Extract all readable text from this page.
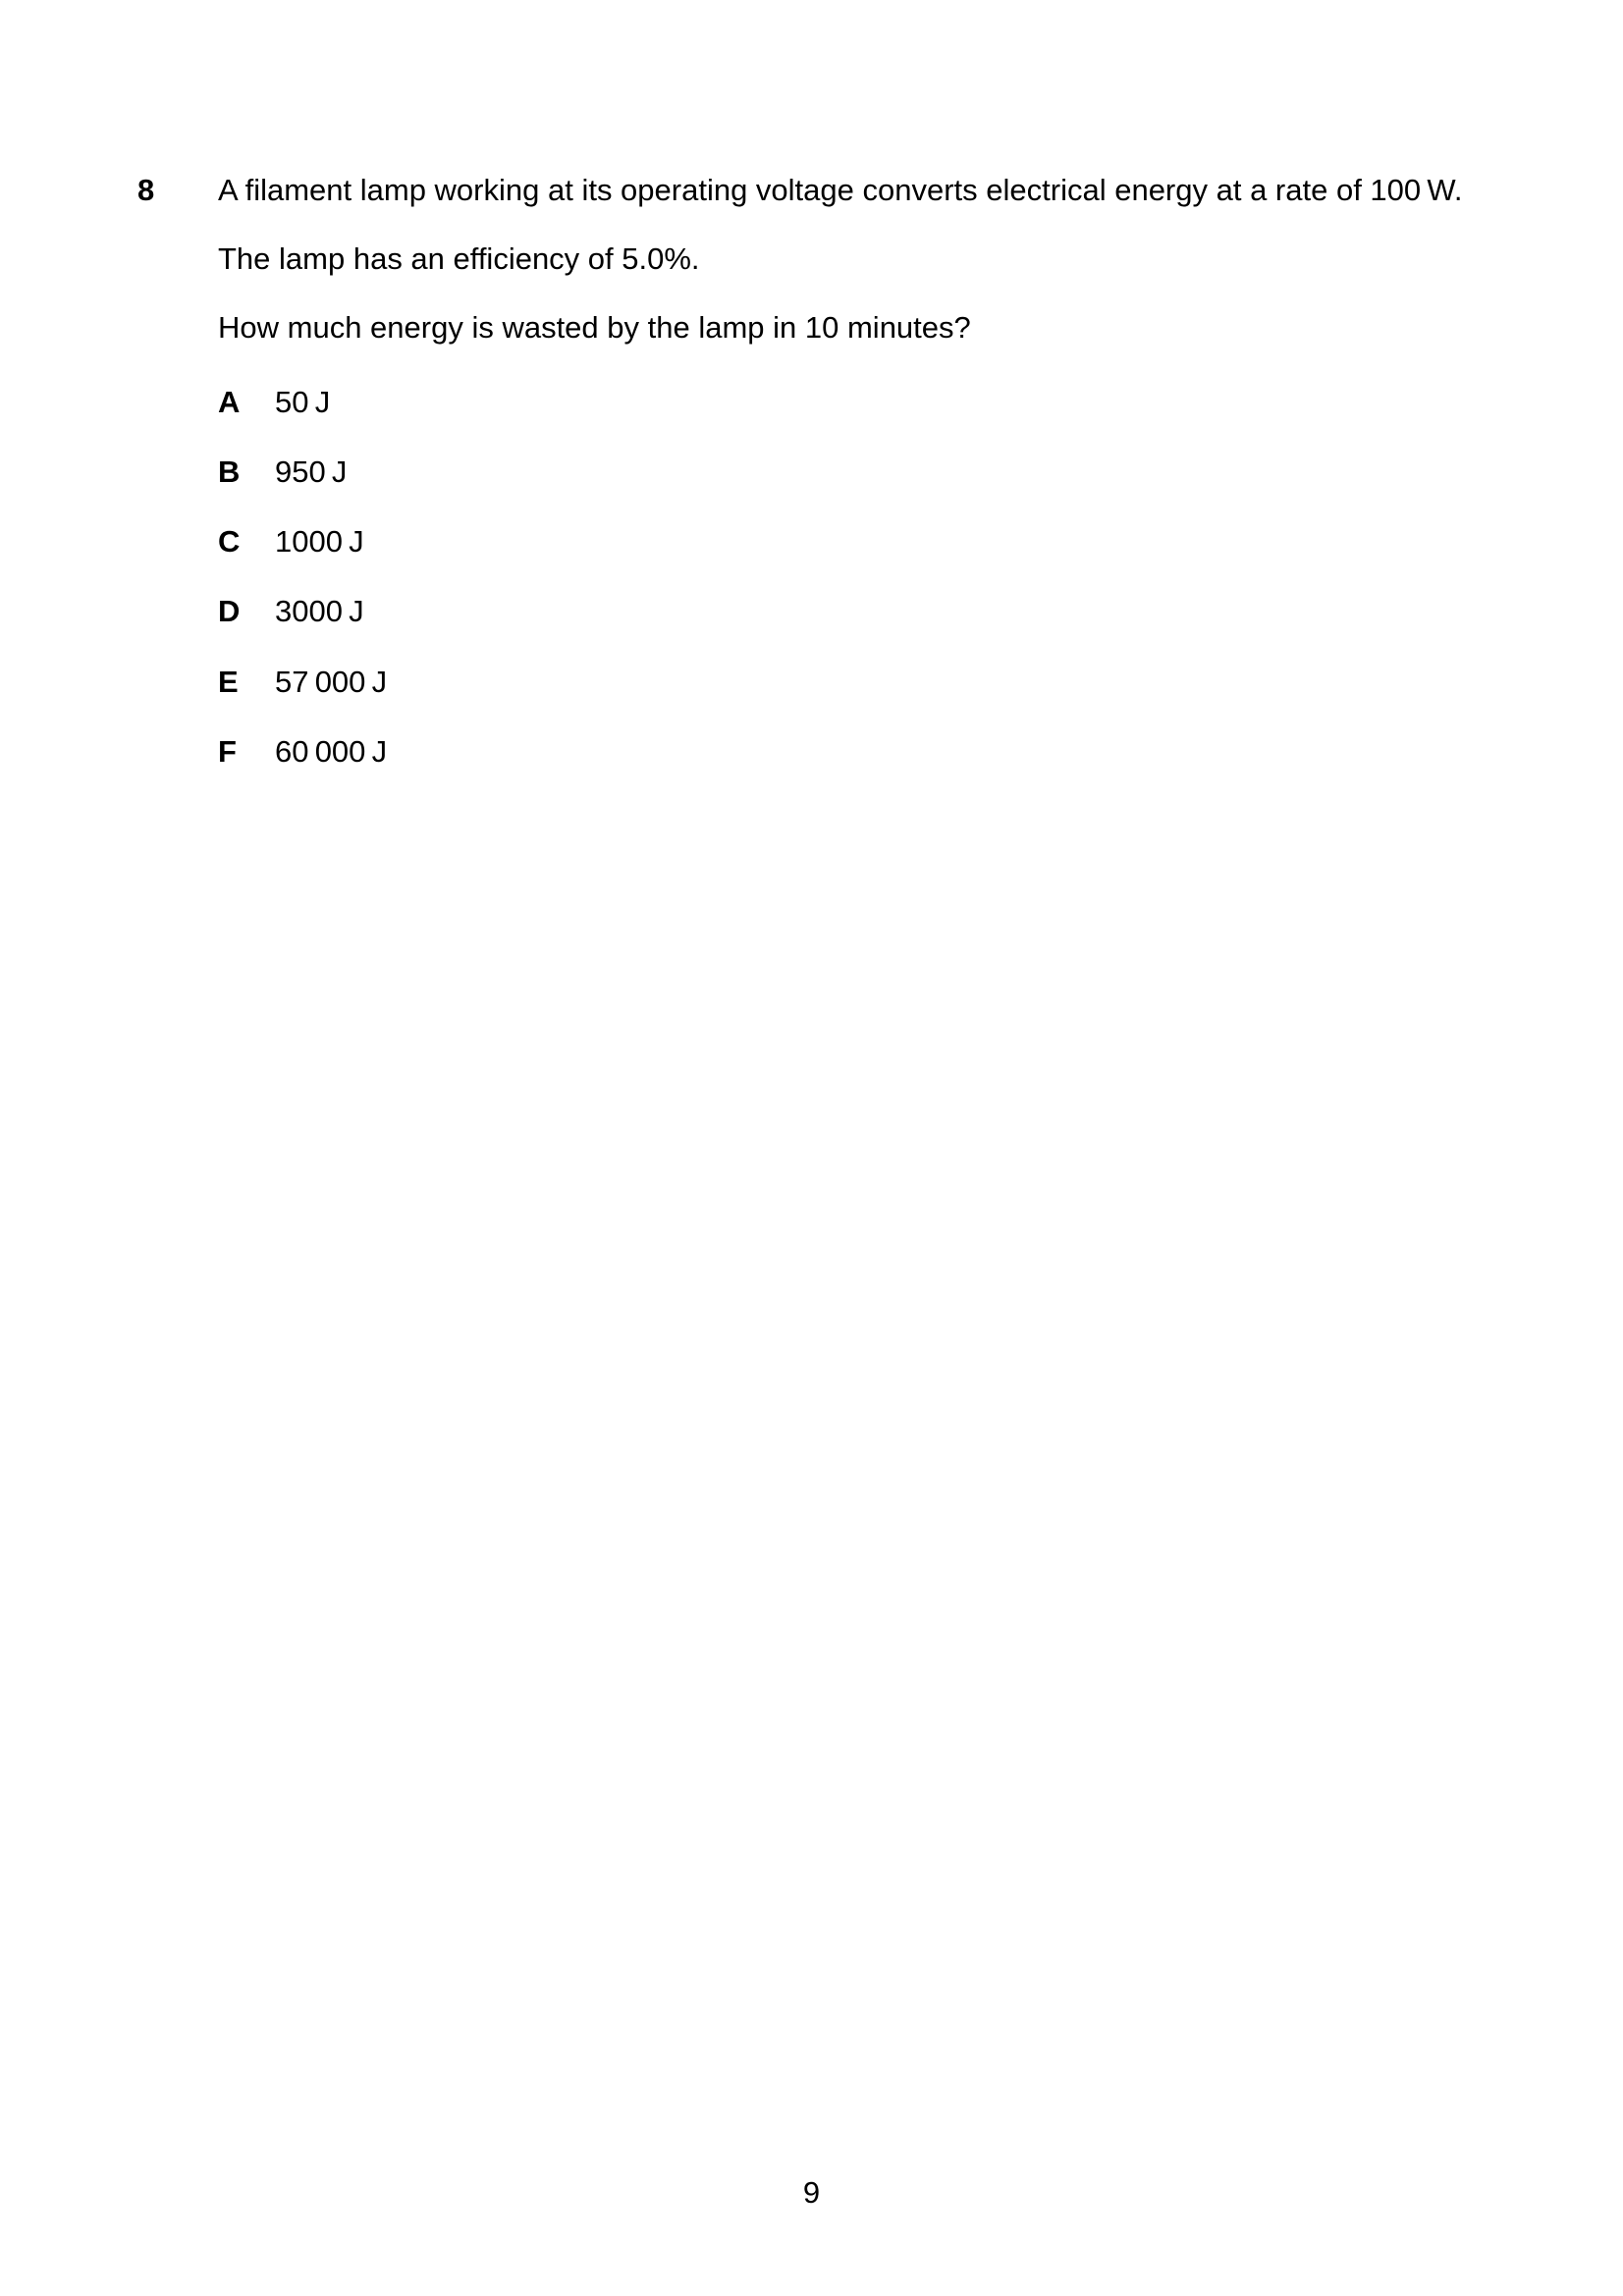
8 A filament lamp working at its operating voltage converts electrical energy at a rate of 100 W.
The lamp has an efficiency of 5.0%.
How much energy is wasted by the lamp in 10 minutes?
A 50 J
B 950 J
C 1000 J
D 3000 J
E 57 000 J
F 60 000 J
9
